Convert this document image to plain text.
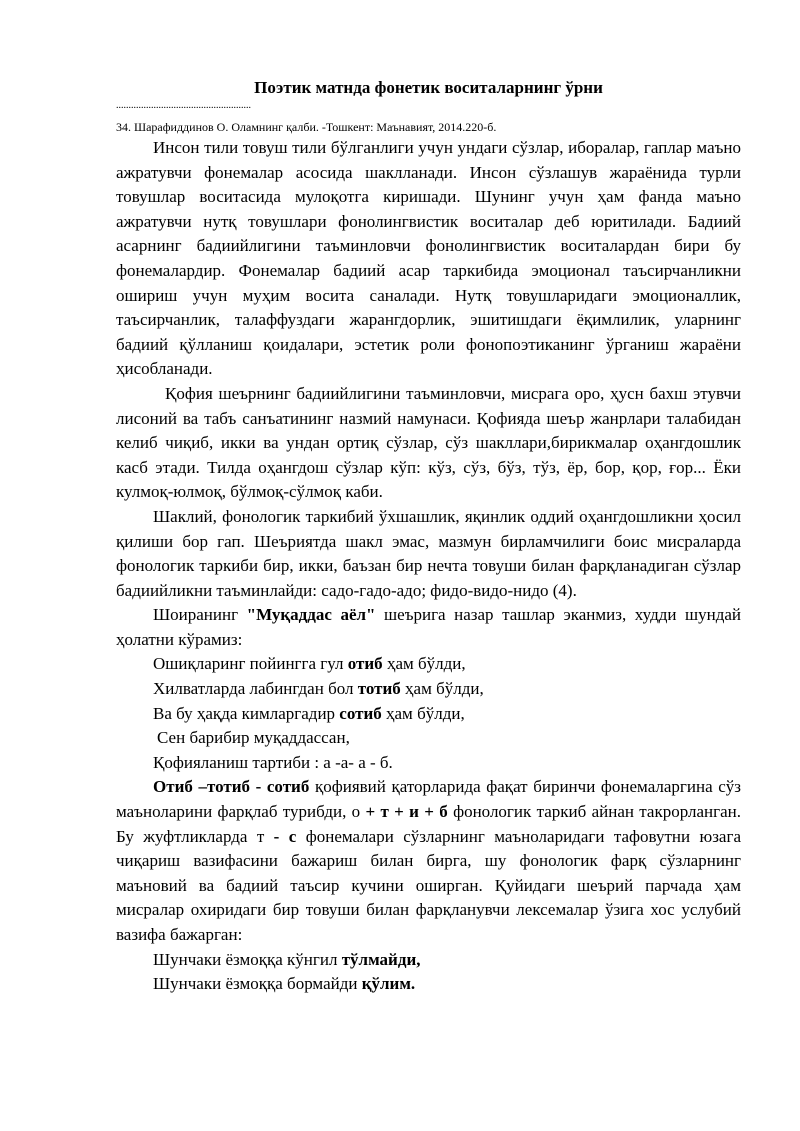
Поэтик матнда фонетик воситаларнинг ўрни
......................................................
34. Шарафиддинов О. Оламнинг қалби. -Тошкент: Маънавият, 2014.220-б.

Инсон тили товуш тили бўлганлиги учун ундаги сўзлар, иборалар, гаплар маъно ажратувчи фонемалар асосида шаклланади. Инсон сўзлашув жараёнида турли товушлар воситасида мулоқотга киришади. Шунинг учун ҳам фанда маъно ажратувчи нутқ товушлари фонолингвистик воситалар деб юритилади. Бадиий асарнинг бадиийлигини таъминловчи фонолингвистик воситалардан бири бу фонемалардир. Фонемалар бадиий асар таркибида эмоционал таъсирчанликни ошириш учун муҳим восита саналади. Нутқ товушларидаги эмоционаллик, таъсирчанлик, талаффуздаги жарангдорлик, эшитишдаги ёқимлилик, уларнинг бадиий қўлланиш қоидалари, эстетик роли фонопоэтиканинг ўрганиш жараёни ҳисобланади.

Қофия шеърнинг бадиийлигини таъминловчи, мисрага оро, ҳусн бахш этувчи лисоний ва табъ санъатининг назмий намунаси. Қофияда шеър жанрлари талабидан келиб чиқиб, икки ва ундан ортиқ сўзлар, сўз шакллари,бирикмалар оҳангдошлик касб этади. Тилда оҳангдош сўзлар кўп: кўз, сўз, бўз, тўз, ёр, бор, қор, ғор... Ёки кулмоқ-юлмоқ, бўлмоқ-сўлмоқ каби.

Шаклий, фонологик таркибий ўхшашлик, яқинлик оддий оҳангдошликни ҳосил қилиши бор гап. Шеъриятда шакл эмас, мазмун бирламчилиги боис мисраларда фонологик таркиби бир, икки, баъзан бир нечта товуши билан фарқланадиган сўзлар бадиийликни таъминлайди: садо-гадо-адо; фидо-видо-нидо (4).

Шоиранинг "Муқаддас аёл" шеърига назар ташлар эканмиз, худди шундай ҳолатни кўрамиз:

Ошиқларинг пойингга гул отиб ҳам бўлди,

Хилватларда лабингдан бол тотиб ҳам бўлди,

Ва бу ҳақда кимларгадир сотиб ҳам бўлди,

Сен барибир муқаддассан,

Қофияланиш тартиби : а -а- а - б.

Отиб –тотиб - сотиб қофиявий қаторларида фақат биринчи фонемаларгина сўз маъноларини фарқлаб турибди, о + т + и + б фонологик таркиб айнан такрорланган. Бу жуфтликларда т - с фонемалари сўзларнинг маъноларидаги тафовутни юзага чиқариш вазифасини бажариш билан бирга, шу фонологик фарқ сўзларнинг маъновий ва бадиий таъсир кучини оширган. Қуйидаги шеърий парчада ҳам мисралар охиридаги бир товуши билан фарқланувчи лексемалар ўзига хос услубий вазифа бажарган:

Шунчаки ёзмоққа кўнгил тўлмайди,

Шунчаки ёзмоққа бормайди қўлим.
